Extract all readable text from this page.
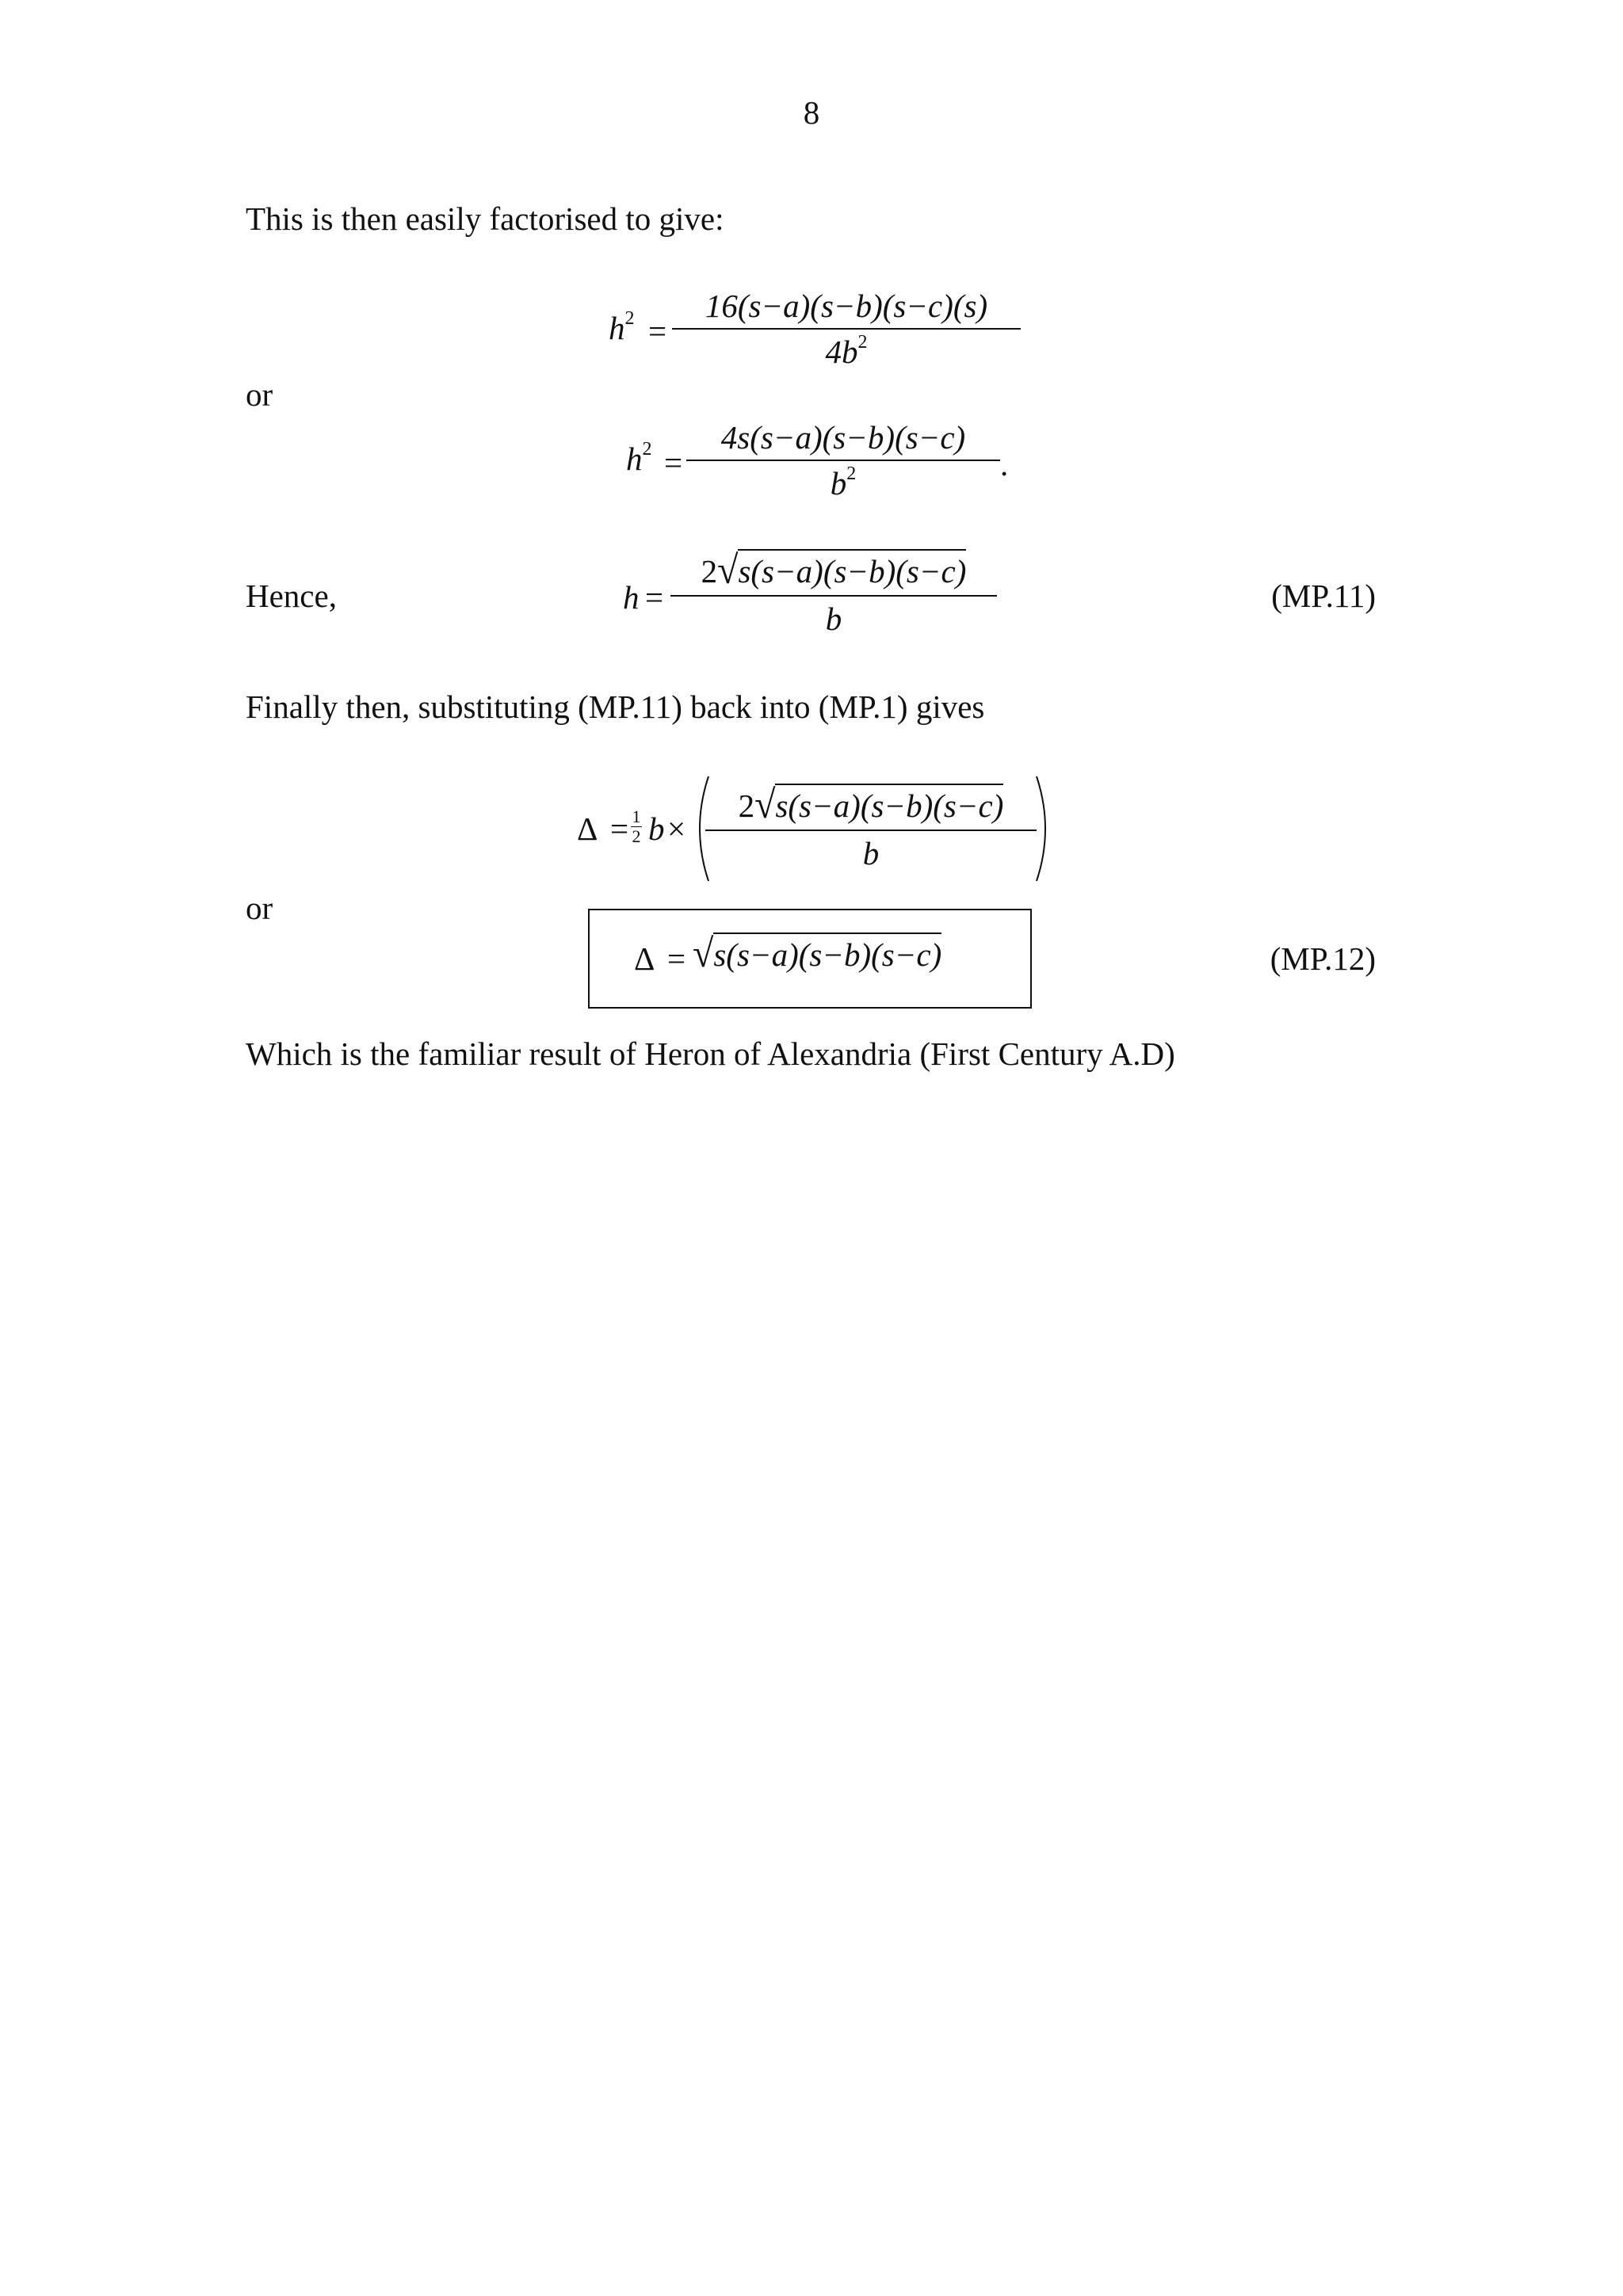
8
This is then easily factorised to give:
$h^2$ =
16(s−a)(s−b)(s−c)(s)
$4b^2$
or
$h^2$ =
4s(s−a)(s−b)(s−c)
$b^2$	.
Hence,	h =
2√s(s−a)(s−b)(s−c)
b
(MP.11)
Finally then, substituting (MP.11) back into (MP.1) gives
Δ = 1
2 b ×
2√s(s−a)(s−b)(s−c)
b
or
Δ = √s(s−a)(s−b)(s−c)	(MP.12)
Which is the familiar result of Heron of Alexandria (First Century A.D)
